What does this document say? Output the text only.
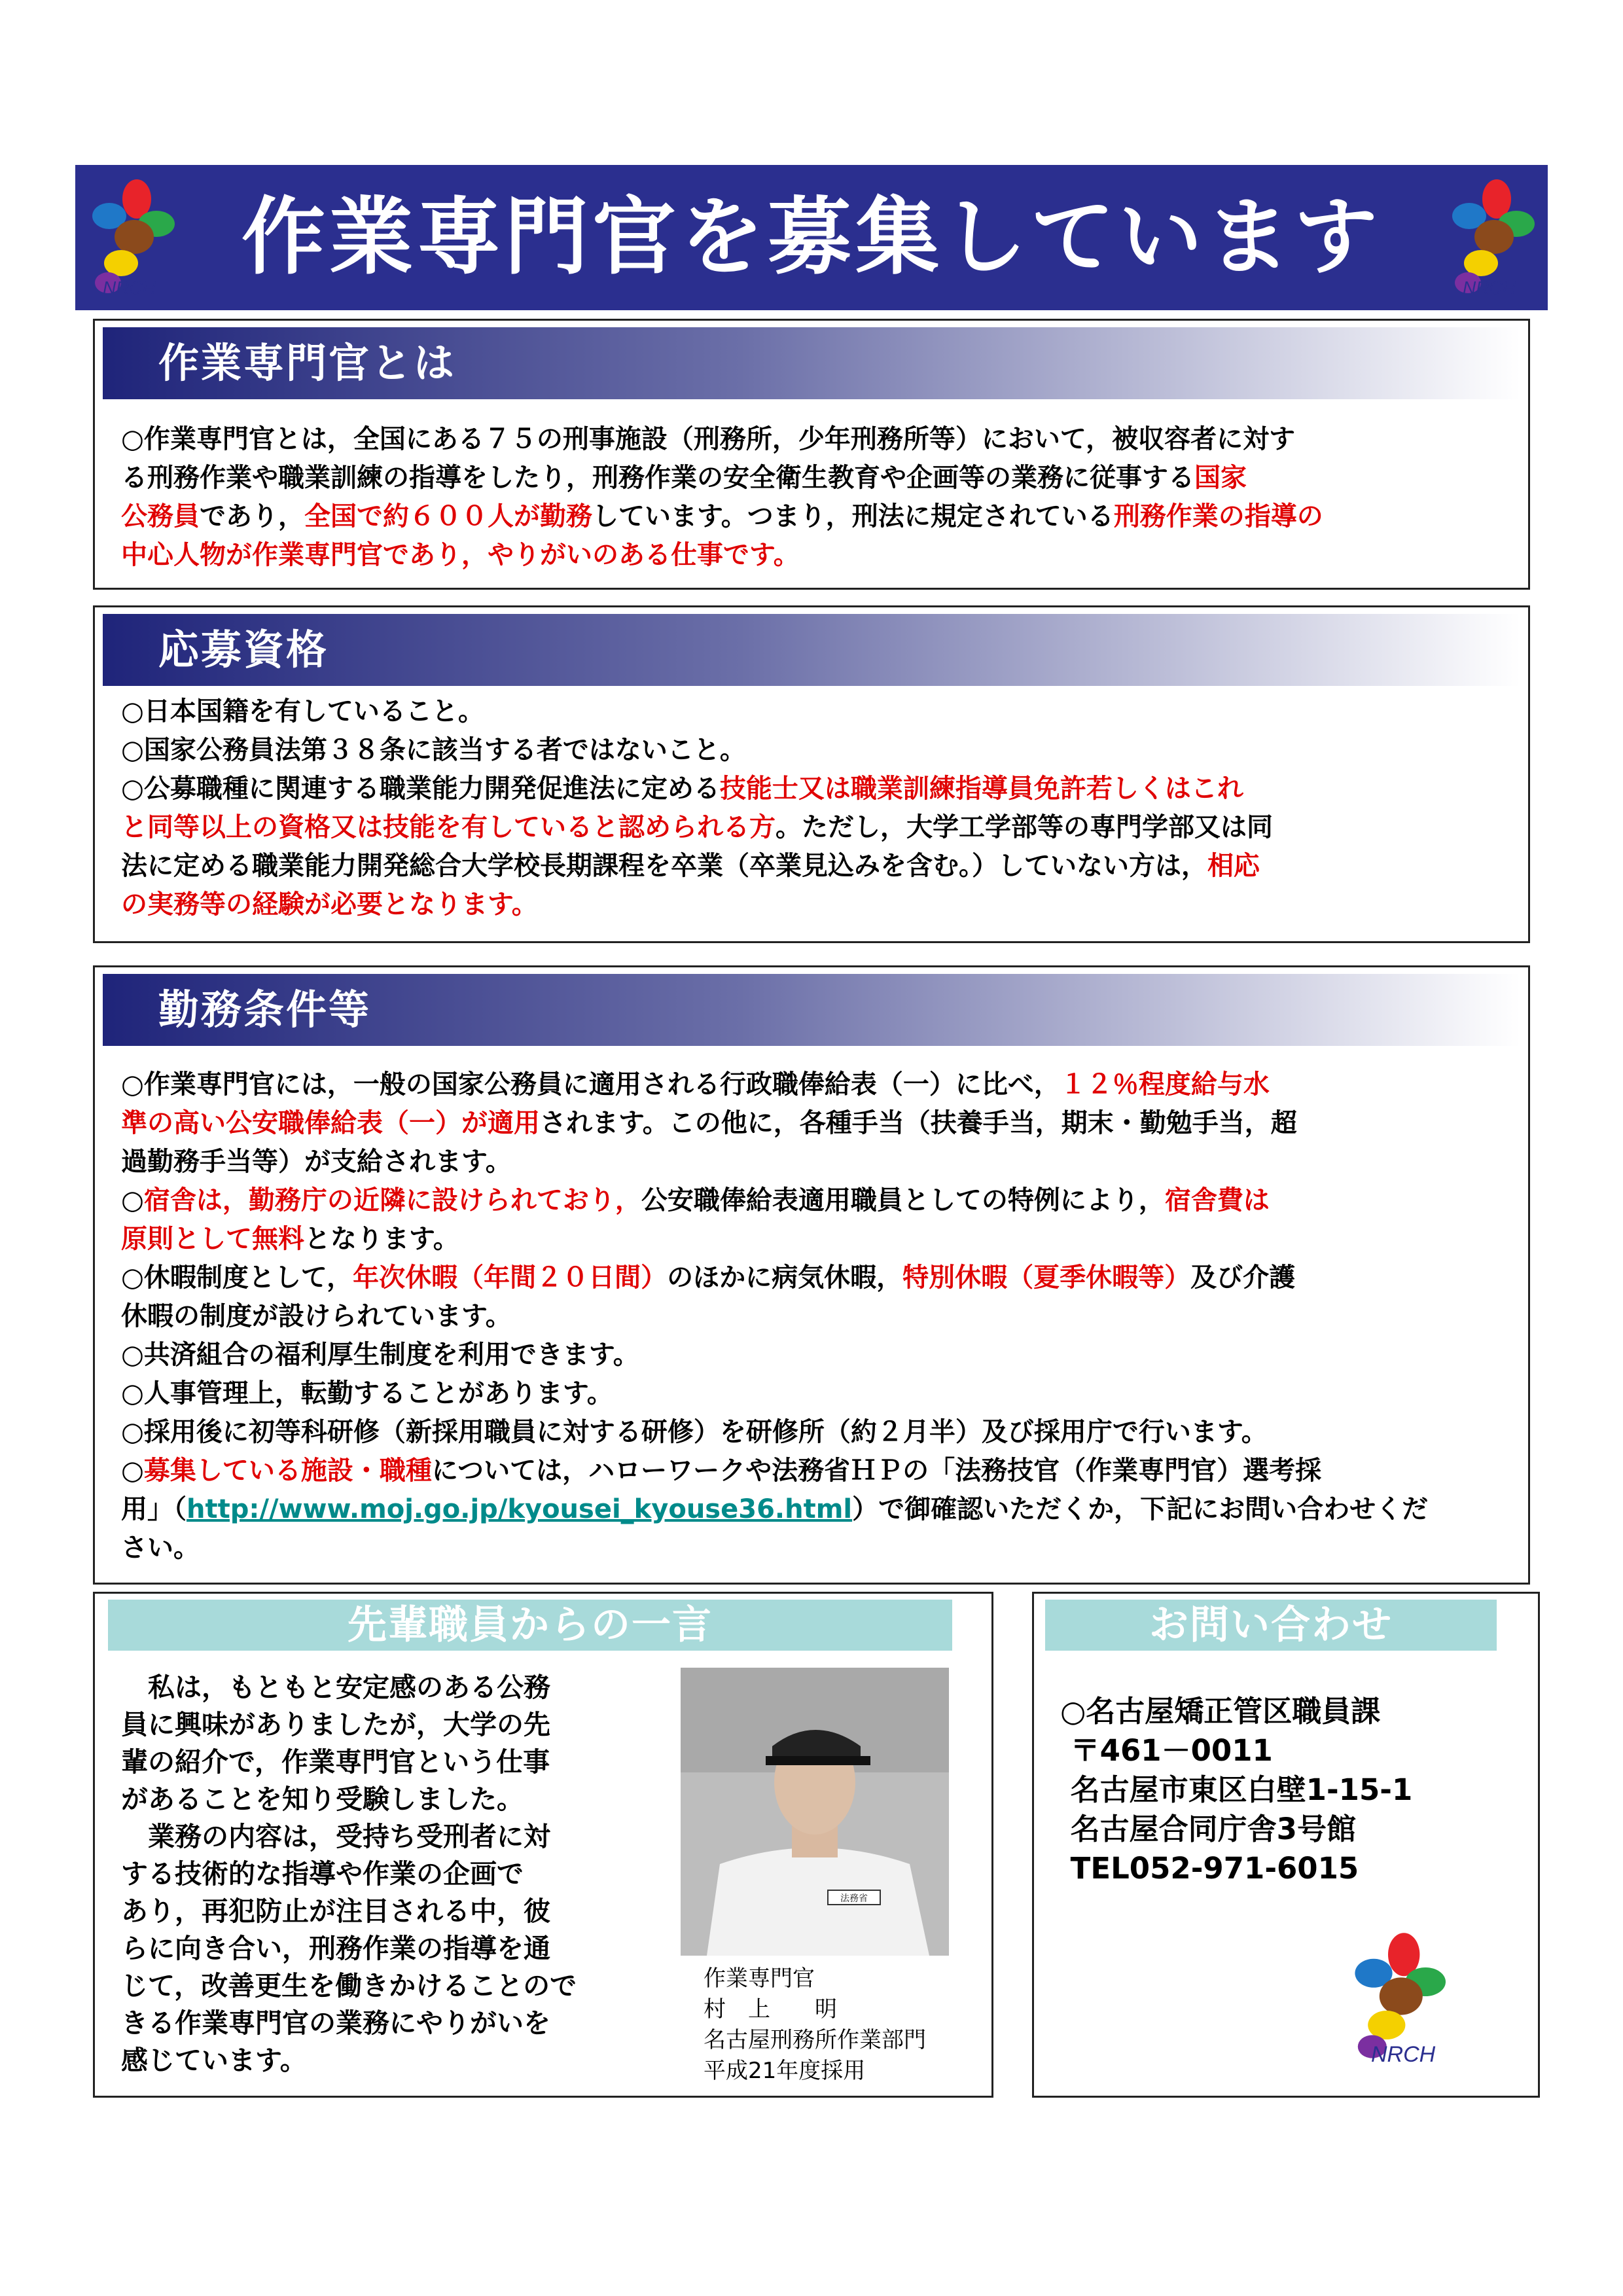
作業専門官を募集しています
NRCH	NRCH
作業専門官とは

○作業専門官とは，全国にある７５の刑事施設（刑務所，少年刑務所等）において，被収容者に対す

る刑務作業や職業訓練の指導をしたり，刑務作業の安全衛生教育や企画等の業務に従事する国家

公務員であり，全国で約６００人が勤務しています。つまり，刑法に規定されている刑務作業の指導の

中心人物が作業専門官であり，やりがいのある仕事です。

応募資格

○日本国籍を有していること。

○国家公務員法第３８条に該当する者ではないこと。

○公募職種に関連する職業能力開発促進法に定める技能士又は職業訓練指導員免許若しくはこれ

と同等以上の資格又は技能を有していると認められる方。ただし，大学工学部等の専門学部又は同

法に定める職業能力開発総合大学校長期課程を卒業（卒業見込みを含む。）していない方は，相応

の実務等の経験が必要となります。

勤務条件等

○作業専門官には，一般の国家公務員に適用される行政職俸給表（一）に比べ，１２％程度給与水

準の高い公安職俸給表（一）が適用されます。この他に，各種手当（扶養手当，期末・勤勉手当，超

過勤務手当等）が支給されます。

○宿舎は，勤務庁の近隣に設けられており，公安職俸給表適用職員としての特例により，宿舎費は

原則として無料となります。

○休暇制度として，年次休暇（年間２０日間）のほかに病気休暇，特別休暇（夏季休暇等）及び介護

休暇の制度が設けられています。

○共済組合の福利厚生制度を利用できます。

○人事管理上，転勤することがあります。

○採用後に初等科研修（新採用職員に対する研修）を研修所（約２月半）及び採用庁で行います。

○募集している施設・職種については，ハローワークや法務省ＨＰの「法務技官（作業専門官）選考採

用」（http://www.moj.go.jp/kyousei_kyouse36.html）で御確認いただくか，下記にお問い合わせくだ

さい。

先輩職員からの一言

　私は，もともと安定感のある公務

員に興味がありましたが，大学の先

輩の紹介で，作業専門官という仕事

があることを知り受験しました。

　業務の内容は，受持ち受刑者に対

する技術的な指導や作業の企画で

あり，再犯防止が注目される中，彼

らに向き合い，刑務作業の指導を通

じて，改善更生を働きかけることので

きる作業専門官の業務にやりがいを

感じています。

法務省
作業専門官
村　上　　明
名古屋刑務所作業部門
平成21年度採用
お問い合わせ
○名古屋矯正管区職員課
〒461－0011
名古屋市東区白壁1-15-1
名古屋合同庁舎3号館
TEL052-971-6015
NRCH
